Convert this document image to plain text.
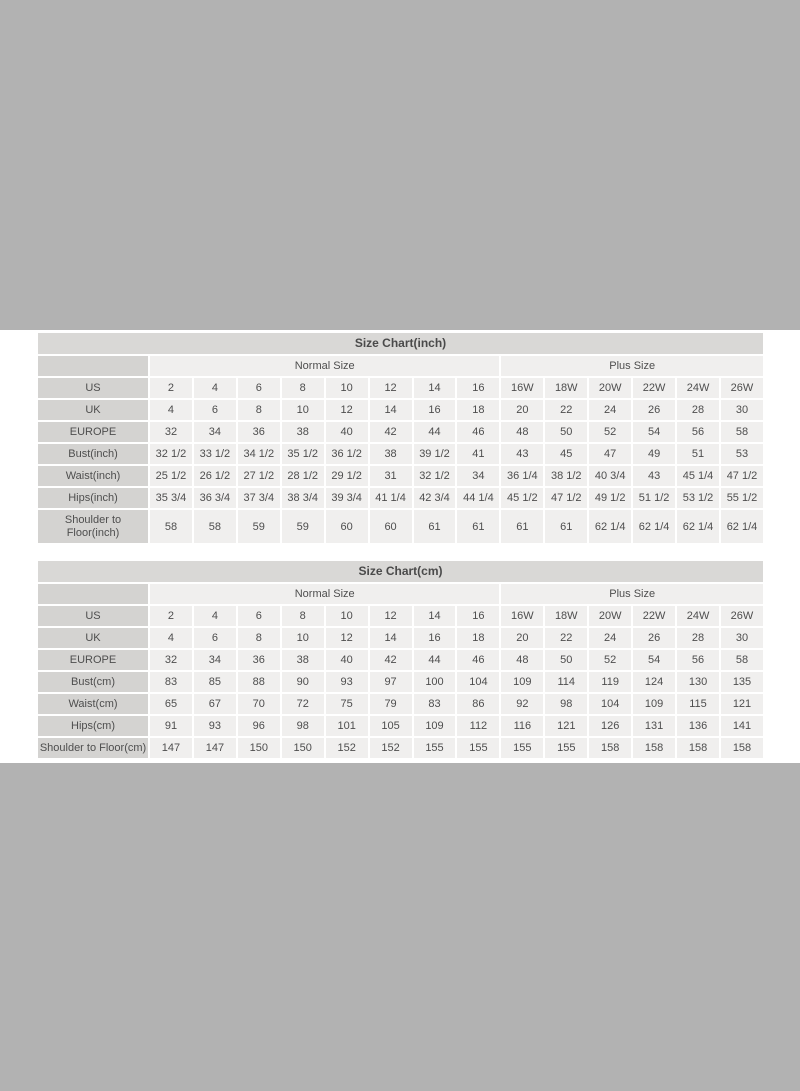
Size Chart(inch)
	Normal Size								Plus Size					
US	2	4	6	8	10	12	14	16	16W	18W	20W	22W	24W	26W
UK	4	6	8	10	12	14	16	18	20	22	24	26	28	30
EUROPE	32	34	36	38	40	42	44	46	48	50	52	54	56	58
Bust(inch)	32 1/2	33 1/2	34 1/2	35 1/2	36 1/2	38	39 1/2	41	43	45	47	49	51	53
Waist(inch)	25 1/2	26 1/2	27 1/2	28 1/2	29 1/2	31	32 1/2	34	36 1/4	38 1/2	40 3/4	43	45 1/4	47 1/2
Hips(inch)	35 3/4	36 3/4	37 3/4	38 3/4	39 3/4	41 1/4	42 3/4	44 1/4	45 1/2	47 1/2	49 1/2	51 1/2	53 1/2	55 1/2
Shoulder to Floor(inch)	58	58	59	59	60	60	61	61	61	61	62 1/4	62 1/4	62 1/4	62 1/4
Size Chart(cm)
	Normal Size								Plus Size					
US	2	4	6	8	10	12	14	16	16W	18W	20W	22W	24W	26W
UK	4	6	8	10	12	14	16	18	20	22	24	26	28	30
EUROPE	32	34	36	38	40	42	44	46	48	50	52	54	56	58
Bust(cm)	83	85	88	90	93	97	100	104	109	114	119	124	130	135
Waist(cm)	65	67	70	72	75	79	83	86	92	98	104	109	115	121
Hips(cm)	91	93	96	98	101	105	109	112	116	121	126	131	136	141
Shoulder to Floor(cm)	147	147	150	150	152	152	155	155	155	155	158	158	158	158
